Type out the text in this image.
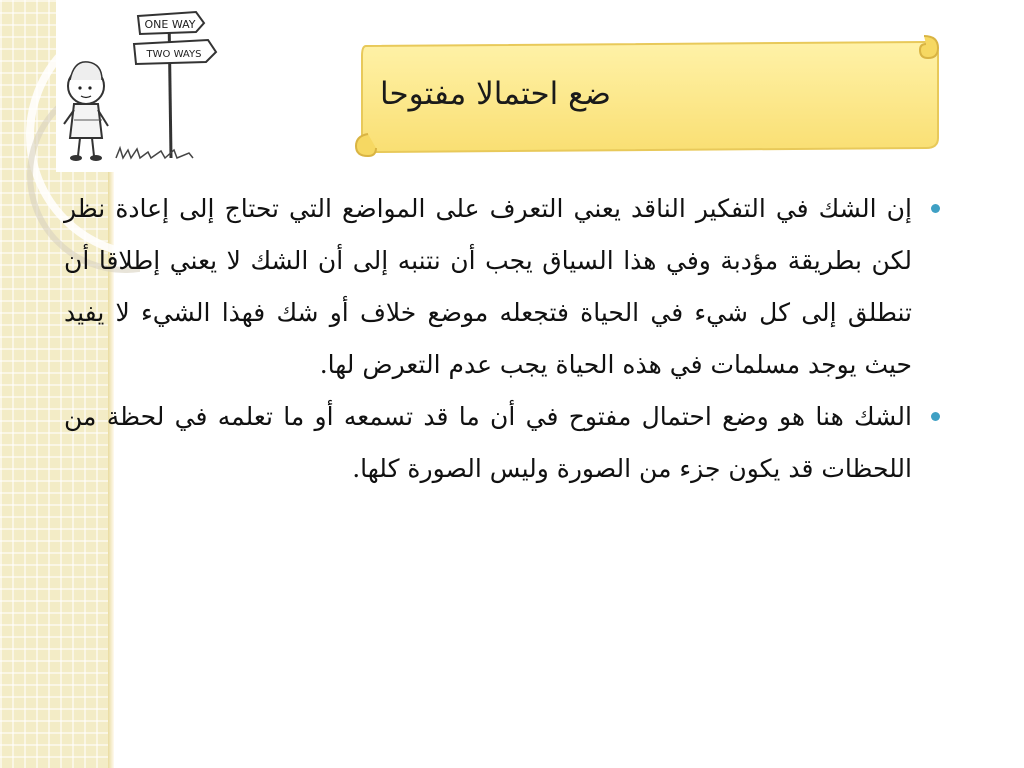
ONE WAY
TWO WAYS
ضع احتمالا مفتوحا
إن الشك في التفكير الناقد يعني التعرف على المواضع التي تحتاج إلى إعادة نظر لكن بطريقة مؤدبة وفي هذا السياق يجب أن نتنبه إلى أن الشك لا يعني إطلاقا أن تنطلق إلى كل شيء في الحياة فتجعله موضع خلاف أو شك فهذا الشيء لا يفيد حيث يوجد مسلمات في هذه الحياة يجب عدم التعرض لها.
الشك هنا هو وضع احتمال مفتوح في أن ما قد تسمعه أو ما تعلمه في لحظة من اللحظات قد يكون جزء من الصورة وليس الصورة كلها.
